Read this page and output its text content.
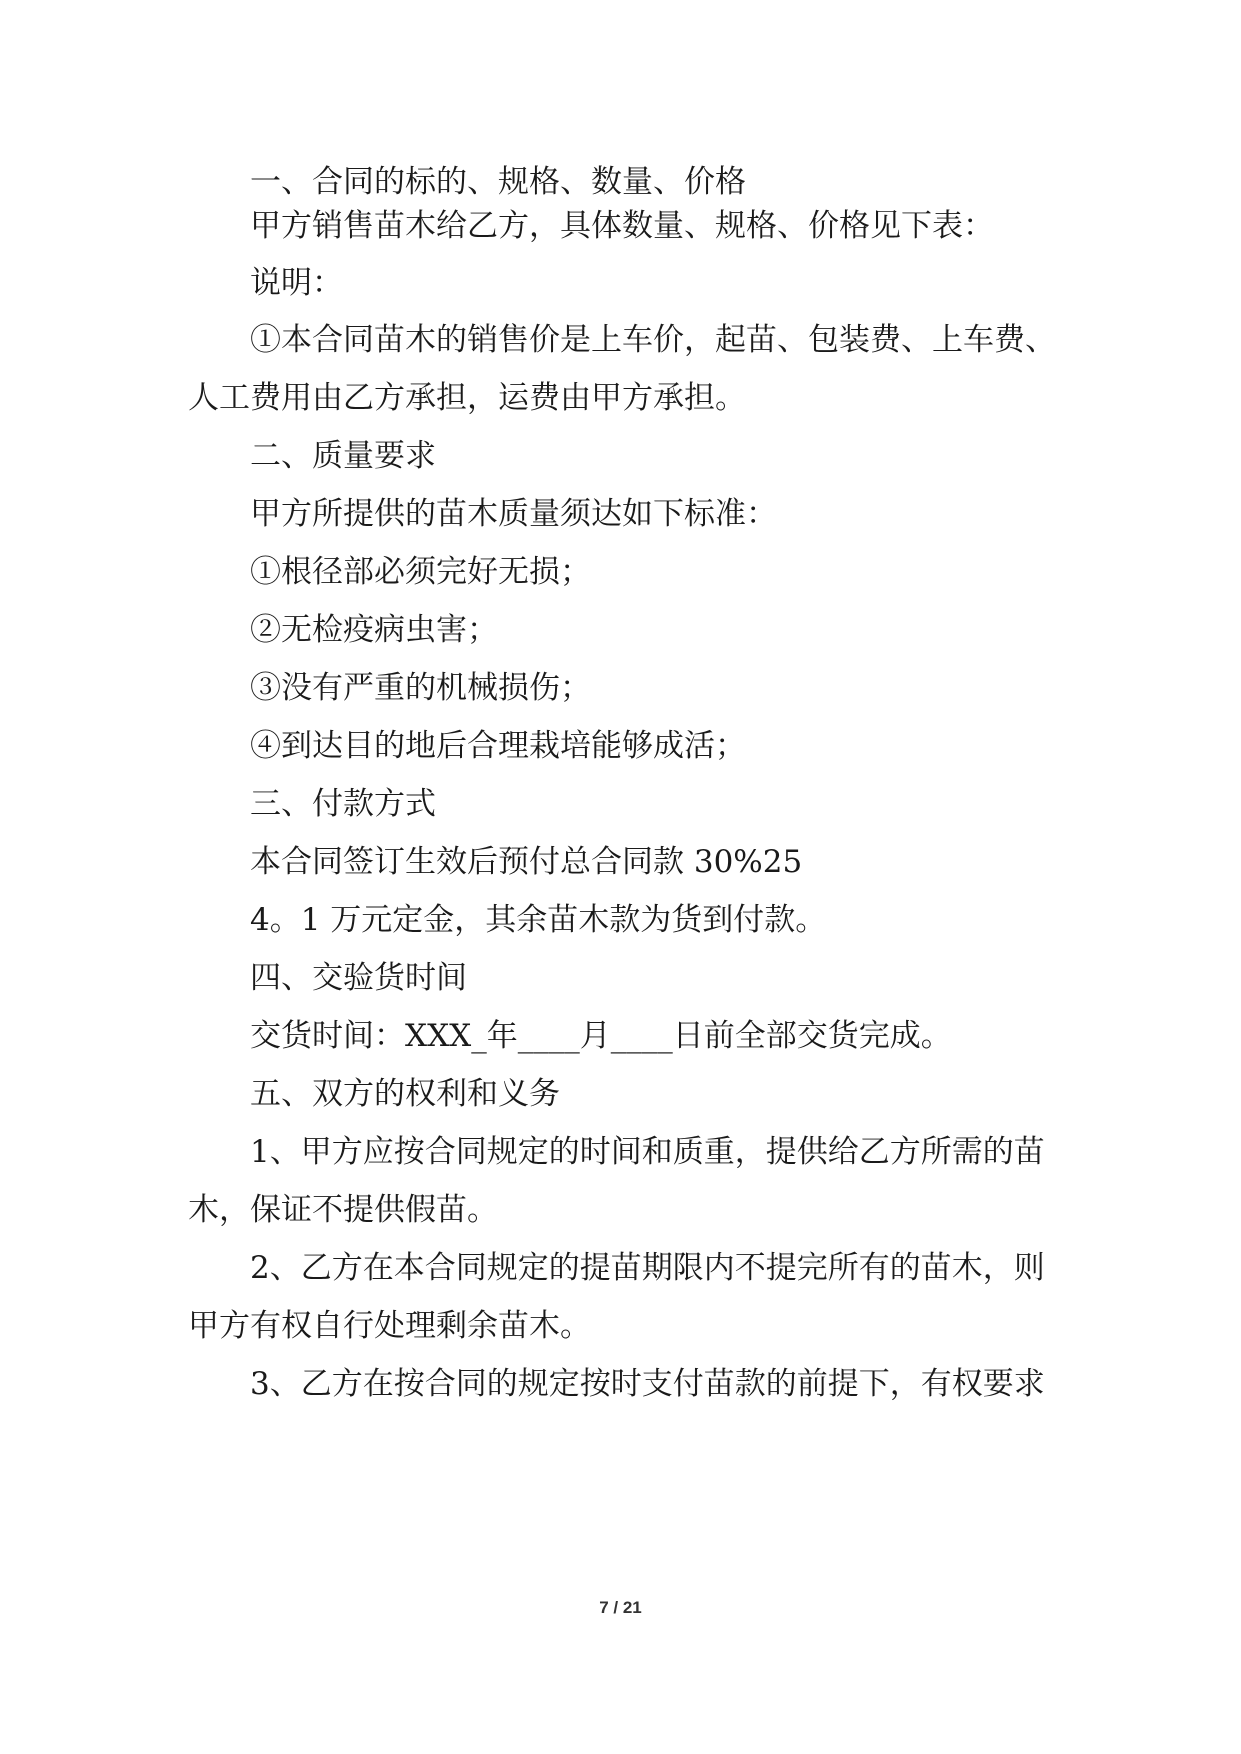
一、合同的标的、规格、数量、价格
甲方销售苗木给乙方，具体数量、规格、价格见下表：
说明：
①本合同苗木的销售价是上车价，起苗、包装费、上车费、
人工费用由乙方承担，运费由甲方承担。
二、质量要求
甲方所提供的苗木质量须达如下标准：
①根径部必须完好无损；
②无检疫病虫害；
③没有严重的机械损伤；
④到达目的地后合理栽培能够成活；
三、付款方式
本合同签订生效后预付总合同款 30%25
4。1 万元定金，其余苗木款为货到付款。
四、交验货时间
交货时间：XXX_年____月____日前全部交货完成。
五、双方的权利和义务
1、甲方应按合同规定的时间和质重，提供给乙方所需的苗
木，保证不提供假苗。
2、乙方在本合同规定的提苗期限内不提完所有的苗木，则
甲方有权自行处理剩余苗木。
3、乙方在按合同的规定按时支付苗款的前提下，有权要求
7 / 21
